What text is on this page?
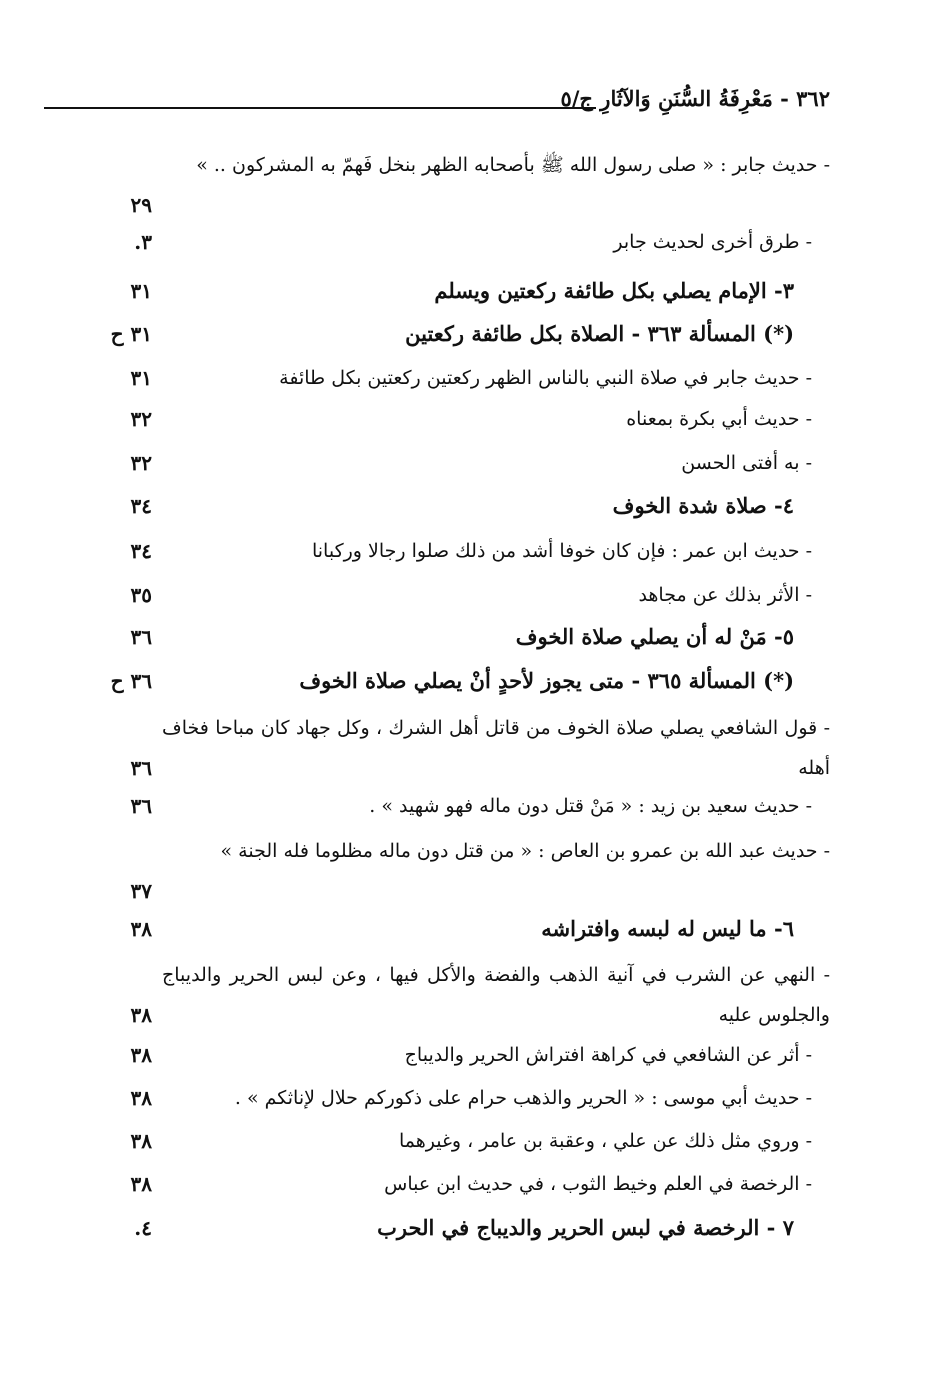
٣٦٢ - مَعْرِفَةُ السُّنَنِ وَالآثَارِ ج/٥
- حديث جابر : « صلى رسول الله ﷺ بأصحابه الظهر بنخل فَهمّ به المشركون .. »
٢٩
- طرق أخرى لحديث جابر
٣.
٣- الإمام يصلي بكل طائفة ركعتين ويسلم
٣١
(*) المسألة ٣٦٣ - الصلاة بكل طائفة ركعتين
٣١ ح
- حديث جابر في صلاة النبي بالناس الظهر ركعتين ركعتين بكل طائفة
٣١
- حديث أبي بكرة بمعناه
٣٢
- به أفتى الحسن
٣٢
٤- صلاة شدة الخوف
٣٤
- حديث ابن عمر : فإن كان خوفا أشد من ذلك صلوا رجالا وركبانا
٣٤
- الأثر بذلك عن مجاهد
٣٥
٥- مَنْ له أن يصلي صلاة الخوف
٣٦
(*) المسألة ٣٦٥ - متى يجوز لأحدٍ أنْ يصلي صلاة الخوف
٣٦ ح
- قول الشافعي يصلي صلاة الخوف من قاتل أهل الشرك ، وكل جهاد كان مباحا فخاف أهله
٣٦
- حديث سعيد بن زيد : « مَنْ قتل دون ماله فهو شهيد » .
٣٦
- حديث عبد الله بن عمرو بن العاص : « من قتل دون ماله مظلوما فله الجنة »
٣٧
٦- ما ليس له لبسه وافتراشه
٣٨
- النهي عن الشرب في آنية الذهب والفضة والأكل فيها ، وعن لبس الحرير والديباج والجلوس عليه
٣٨
- أثر عن الشافعي في كراهة افتراش الحرير والديباج
٣٨
- حديث أبي موسى : « الحرير والذهب حرام على ذكوركم حلال لإناثكم » .
٣٨
- وروي مثل ذلك عن علي ، وعقبة بن عامر ، وغيرهما
٣٨
- الرخصة في العلم وخيط الثوب ، في حديث ابن عباس
٣٨
٧ - الرخصة في لبس الحرير والديباج في الحرب
٤.
